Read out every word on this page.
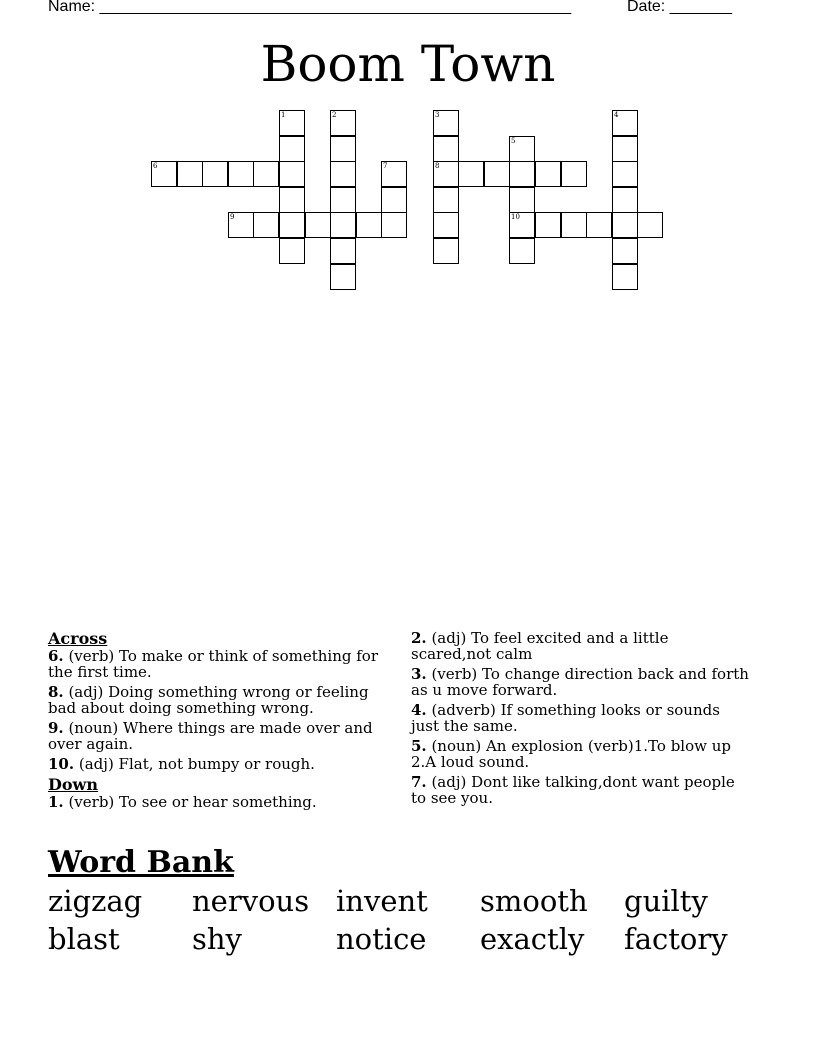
Name: _____________________________________________________	Date: _______
Boom Town
1	2	3
8
4
5
10
7
6
9
Across
6. (verb) To make or think of something for the first time.
8. (adj) Doing something wrong or feeling bad about doing something wrong.
9. (noun) Where things are made over and over again.
10. (adj) Flat, not bumpy or rough.
Down
1. (verb) To see or hear something.
2. (adj) To feel excited and a little scared,not calm
3. (verb) To change direction back and forth as u move forward.
4. (adverb) If something looks or sounds just the same.
5. (noun) An explosion (verb)1.To blow up 2.A loud sound.
7. (adj) Dont like talking,dont want people to see you.
Word Bank
zigzag nervous invent smooth guilty
blast shy	notice exactly factory
